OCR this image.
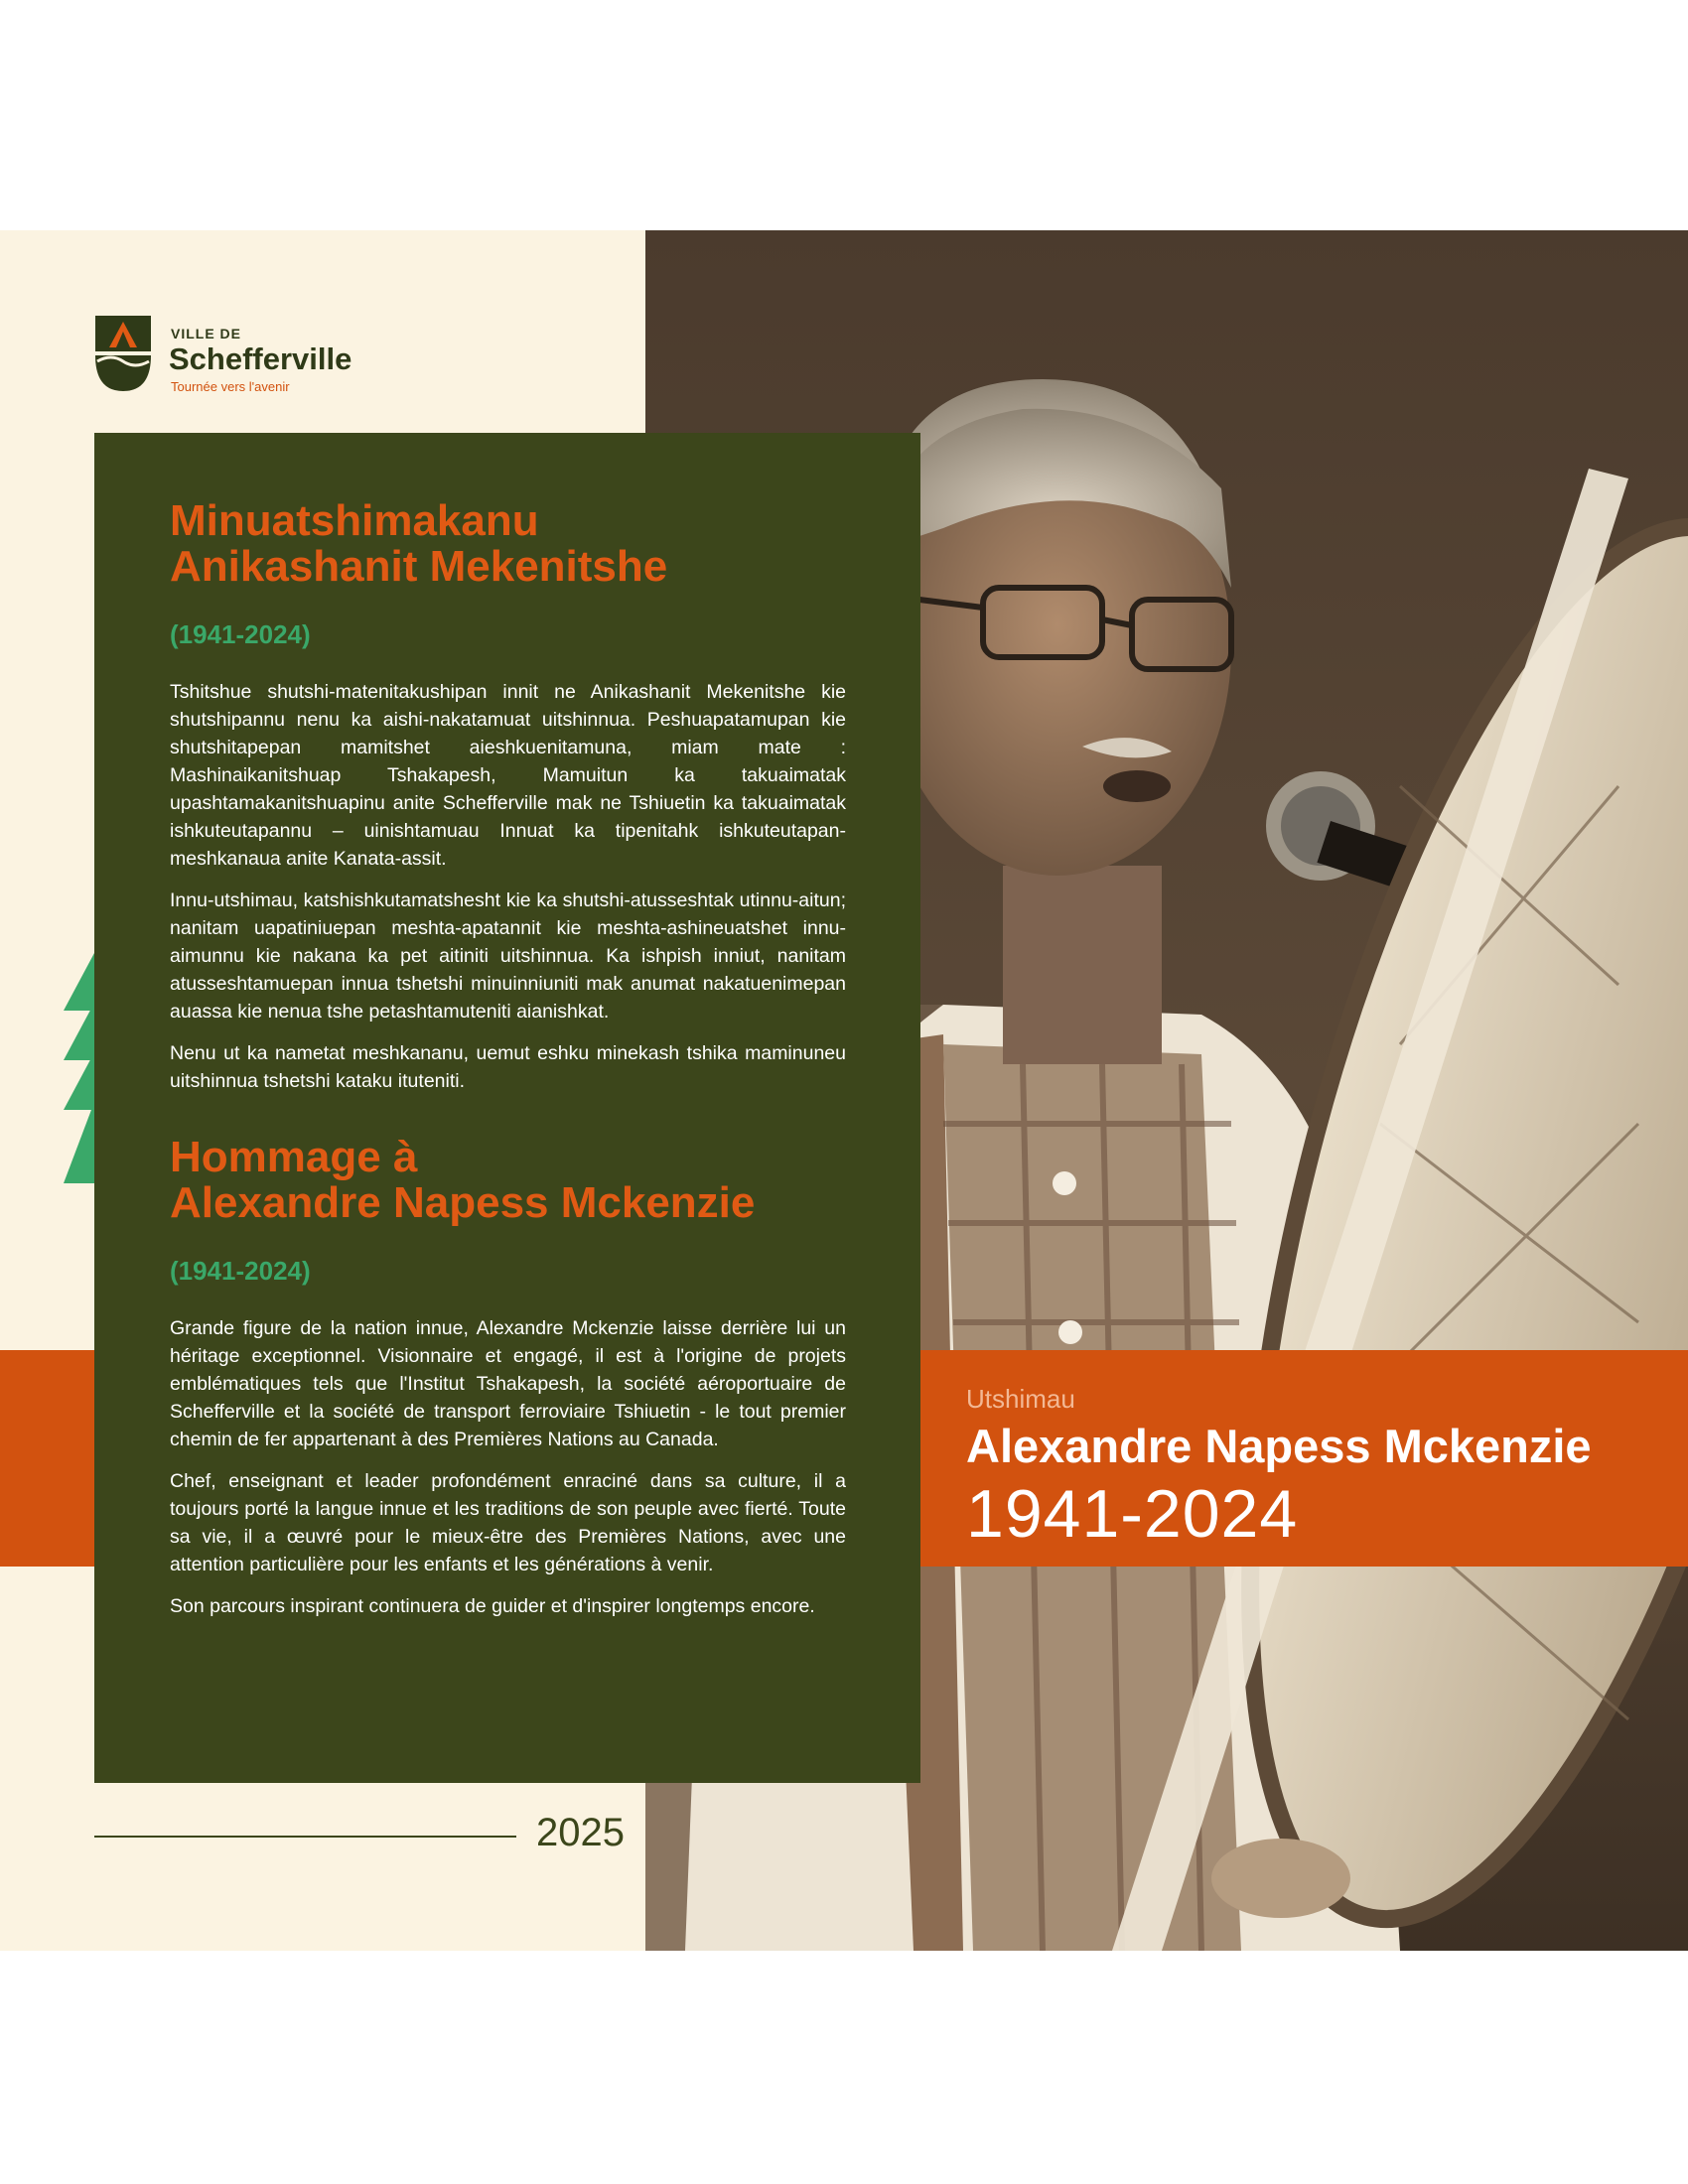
VILLE DE
Schefferville
Tournée vers l'avenir
Minuatshimakanu
Anikashanit Mekenitshe
(1941-2024)

Tshitshue shutshi-matenitakushipan innit ne Anikashanit Mekenitshe kie shutshipannu nenu ka aishi-nakatamuat uitshinnua. Peshuapatamupan kie shutshitapepan mamitshet aieshkuenitamuna, miam mate : Mashinaikanitshuap Tshakapesh, Mamuitun ka takuaimatak upashtamakanitshuapinu anite Schefferville mak ne Tshiuetin ka takuaimatak ishkuteutapannu – uinishtamuau Innuat ka tipenitahk ishkuteutapan-meshkanaua anite Kanata-assit.

Innu-utshimau, katshishkutamatshesht kie ka shutshi-atusseshtak utinnu-aitun; nanitam uapatiniuepan meshta-apatannit kie meshta-ashineuatshet innu-aimunnu kie nakana ka pet aitiniti uitshinnua. Ka ishpish inniut, nanitam atusseshtamuepan innua tshetshi minuinniuniti mak anumat nakatuenimepan auassa kie nenua tshe petashtamuteniti aianishkat.

Nenu ut ka nametat meshkananu, uemut eshku minekash tshika maminuneu uitshinnua tshetshi kataku ituteniti.

Hommage à
Alexandre Napess Mckenzie
(1941-2024)

Grande figure de la nation innue, Alexandre Mckenzie laisse derrière lui un héritage exceptionnel. Visionnaire et engagé, il est à l'origine de projets emblématiques tels que l'Institut Tshakapesh, la société aéroportuaire de Schefferville et la société de transport ferroviaire Tshiuetin - le tout premier chemin de fer appartenant à des Premières Nations au Canada.

Chef, enseignant et leader profondément enraciné dans sa culture, il a toujours porté la langue innue et les traditions de son peuple avec fierté. Toute sa vie, il a œuvré pour le mieux-être des Premières Nations, avec une attention particulière pour les enfants et les générations à venir.

Son parcours inspirant continuera de guider et d'inspirer longtemps encore.

Utshimau
Alexandre Napess Mckenzie
1941-2024
2025
